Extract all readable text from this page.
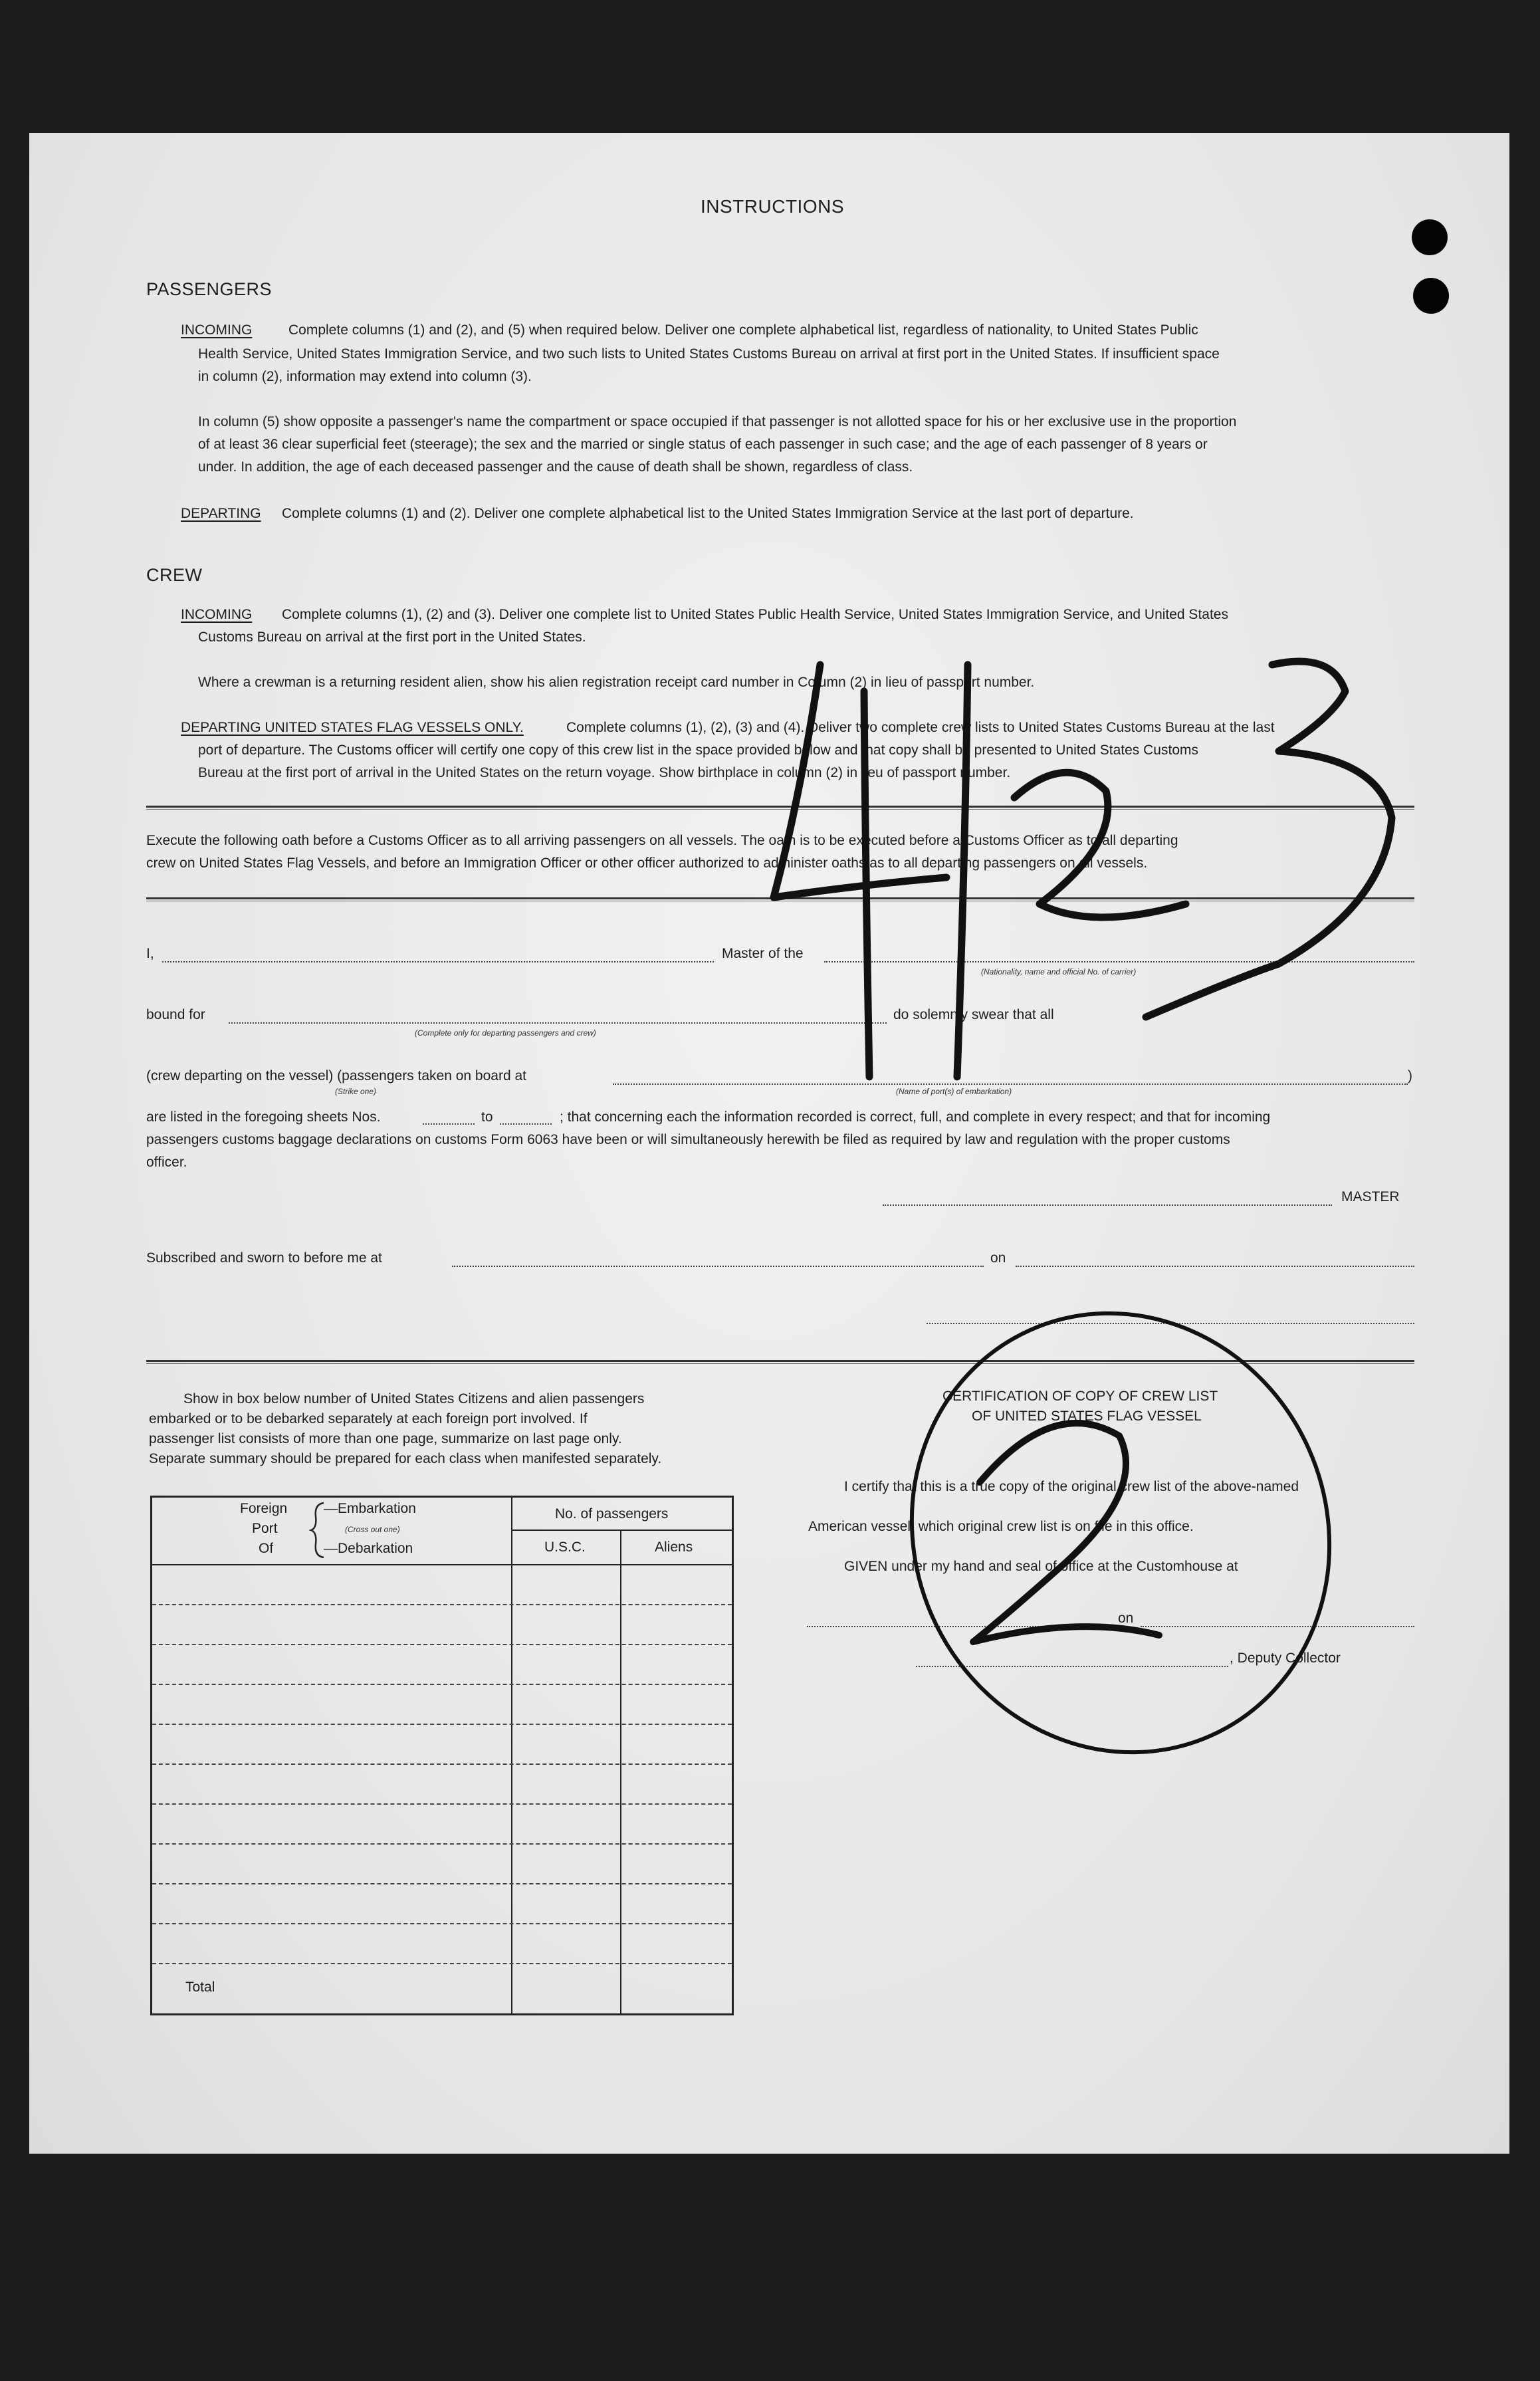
INSTRUCTIONS
PASSENGERS
INCOMING	Complete columns (1) and (2), and (5) when required below. Deliver one complete alphabetical list, regardless of nationality, to United States Public
Health Service, United States Immigration Service, and two such lists to United States Customs Bureau on arrival at first port in the United States. If insufficient space
in column (2), information may extend into column (3).
In column (5) show opposite a passenger's name the compartment or space occupied if that passenger is not allotted space for his or her exclusive use in the proportion
of at least 36 clear superficial feet (steerage); the sex and the married or single status of each passenger in such case; and the age of each passenger of 8 years or
under. In addition, the age of each deceased passenger and the cause of death shall be shown, regardless of class.
DEPARTING Complete columns (1) and (2). Deliver one complete alphabetical list to the United States Immigration Service at the last port of departure.
CREW
INCOMING Complete columns (1), (2) and (3). Deliver one complete list to United States Public Health Service, United States Immigration Service, and United States
Customs Bureau on arrival at the first port in the United States.
Where a crewman is a returning resident alien, show his alien registration receipt card number in Column (2) in lieu of passport number.
DEPARTING UNITED STATES FLAG VESSELS ONLY.	Complete columns (1), (2), (3) and (4). Deliver two complete crew lists to United States Customs Bureau at the last
port of departure. The Customs officer will certify one copy of this crew list in the space provided below and that copy shall be presented to United States Customs
Bureau at the first port of arrival in the United States on the return voyage. Show birthplace in column (2) in lieu of passport number.
Execute the following oath before a Customs Officer as to all arriving passengers on all vessels. The oath is to be executed before a Customs Officer as to all departing
crew on United States Flag Vessels, and before an Immigration Officer or other officer authorized to administer oaths as to all departing passengers on all vessels.
I,	Master of the
(Nationality, name and official No. of carrier)
bound for
(Complete only for departing passengers and crew)
do solemnly swear that all
(crew departing on the vessel) (passengers taken on board at	)
(Strike one)	(Name of port(s) of embarkation)
are listed in the foregoing sheets Nos.	to	; that concerning each the information recorded is correct, full, and complete in every respect; and that for incoming
passengers customs baggage declarations on customs Form 6063 have been or will simultaneously herewith be filed as required by law and regulation with the proper customs
officer.
MASTER
Subscribed and sworn to before me at	on
Show in box below number of United States Citizens and alien passengers
embarked or to be debarked separately at each foreign port involved. If
passenger list consists of more than one page, summarize on last page only.
Separate summary should be prepared for each class when manifested separately.
Foreign
Port
Of
—Embarkation
(Cross out one)
—Debarkation
No. of passengers
U.S.C.	Aliens
Total
CERTIFICATION OF COPY OF CREW LIST
OF UNITED STATES FLAG VESSEL
I certify that this is a true copy of the original crew list of the above-named
American vessel, which original crew list is on file in this office.
GIVEN under my hand and seal of office at the Customhouse at
on
, Deputy Collector
